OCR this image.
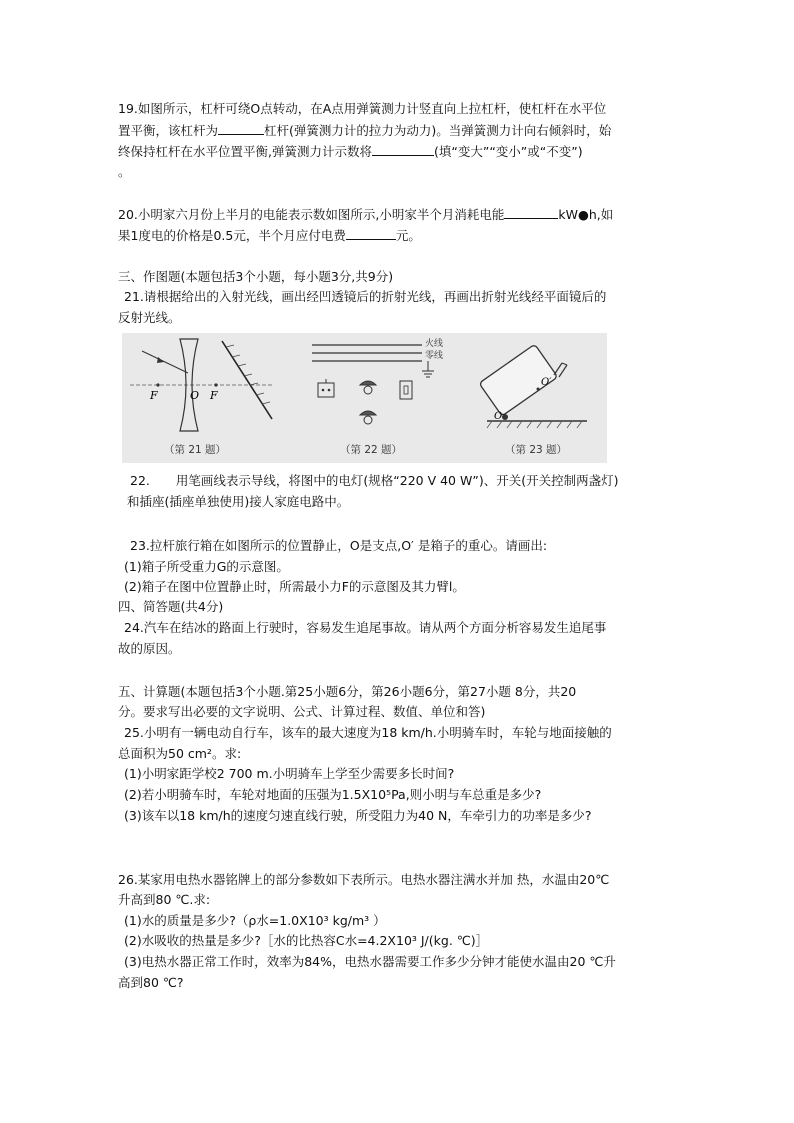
19.如图所示，杠杆可绕O点转动，在A点用弹簧测力计竖直向上拉杠杆，使杠杆在水平位

置平衡，该杠杆为	杠杆(弹簧测力计的拉力为动力)。当弹簧测力计向右倾斜时，始

终保持杠杆在水平位置平衡,弹簧测力计示数将	(填“变大”“变小”或“不变”)

。

20.小明家六月份上半月的电能表示数如图所示,小明家半个月消耗电能	kW●h,如

果1度电的价格是0.5元，半个月应付电费	元。

三、作图题(本题包括3个小题，每小题3分,共9分)

21.请根据给出的入射光线，画出经凹透镜后的折射光线，再画出折射光线经平面镜后的

反射光线。

F	O F
（第 21 题）
火线
零线
（第 22 题）
O′
O
（第 23 题）

22. 用笔画线表示导线，将图中的电灯(规格“220 V 40 W”)、开关(开关控制两盏灯)

和插座(插座单独使用)接人家庭电路中。

23.拉杆旅行箱在如图所示的位置静止，O是支点,O′ 是箱子的重心。请画出:

(1)箱子所受重力G的示意图。

(2)箱子在图中位置静止时，所需最小力F的示意图及其力臂l。

四、简答题(共4分)

24.汽车在结冰的路面上行驶时，容易发生追尾事故。请从两个方面分析容易发生追尾事

故的原因。

五、计算题(本题包括3个小题.第25小题6分，第26小题6分，第27小题 8分，共20

分。要求写出必要的文字说明、公式、计算过程、数值、单位和答)

25.小明有一辆电动自行车，该车的最大速度为18 km/h.小明骑车时，车轮与地面接触的

总面积为50 cm²。求:

(1)小明家距学校2 700 m.小明骑车上学至少需要多长时间?

(2)若小明骑车时，车轮对地面的压强为1.5X10⁵Pa,则小明与车总重是多少?

(3)该车以18 km/h的速度匀速直线行驶，所受阻力为40 N，车牵引力的功率是多少?

26.某家用电热水器铭牌上的部分参数如下表所示。电热水器注满水并加 热，水温由20℃

升高到80 ℃.求:

(1)水的质量是多少?（ρ水=1.0X10³ kg/m³ ）

(2)水吸收的热量是多少?［水的比热容C水=4.2X10³ J/(kg. ℃)］

(3)电热水器正常工作时，效率为84%，电热水器需要工作多少分钟才能使水温由20 ℃升

高到80 ℃?
